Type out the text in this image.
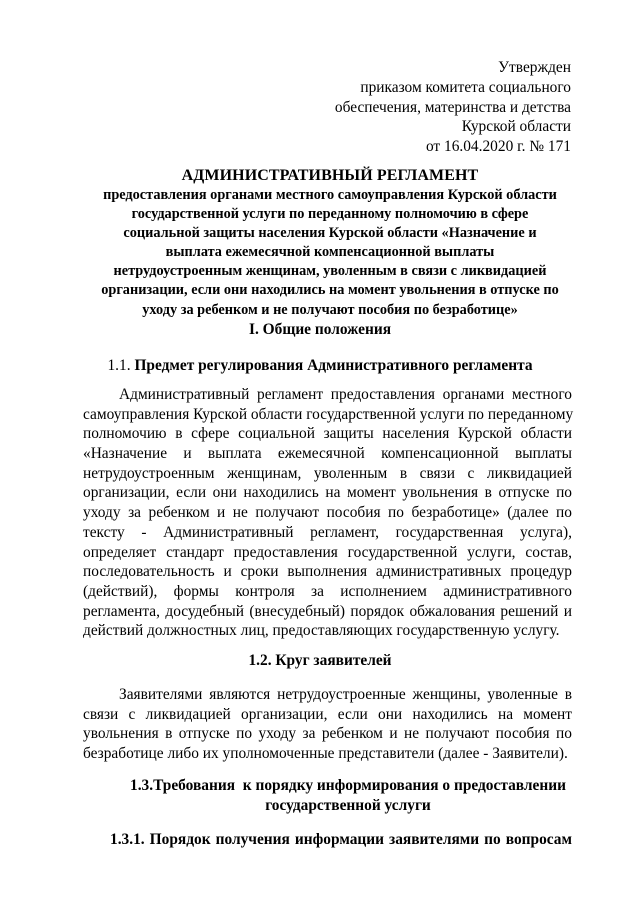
Утвержден
приказом комитета социального
обеспечения, материнства и детства
Курской области
от 16.04.2020 г. № 171
АДМИНИСТРАТИВНЫЙ РЕГЛАМЕНТ
предоставления органами местного самоуправления Курской области
государственной услуги по переданному полномочию в сфере
социальной защиты населения Курской области «Назначение и
выплата ежемесячной компенсационной выплаты
нетрудоустроенным женщинам, уволенным в связи с ликвидацией
организации, если они находились на момент увольнения в отпуске по
уходу за ребенком и не получают пособия по безработице»
I. Общие положения
1.1. Предмет регулирования Административного регламента
Административный регламент предоставления органами местного
самоуправления Курской области государственной услуги по переданному
полномочию в сфере социальной защиты населения Курской области
«Назначение и выплата ежемесячной компенсационной выплаты
нетрудоустроенным женщинам, уволенным в связи с ликвидацией
организации, если они находились на момент увольнения в отпуске по
уходу за ребенком и не получают пособия по безработице» (далее по
тексту - Административный регламент, государственная услуга),
определяет стандарт предоставления государственной услуги, состав,
последовательность и сроки выполнения административных процедур
(действий), формы контроля за исполнением административного
регламента, досудебный (внесудебный) порядок обжалования решений и
действий должностных лиц, предоставляющих государственную услугу.
1.2. Круг заявителей
Заявителями являются нетрудоустроенные женщины, уволенные в
связи с ликвидацией организации, если они находились на момент
увольнения в отпуске по уходу за ребенком и не получают пособия по
безработице либо их уполномоченные представители (далее - Заявители).
1.3.Требования  к порядку информирования о предоставлении
государственной услуги
1.3.1. Порядок получения информации заявителями по вопросам
